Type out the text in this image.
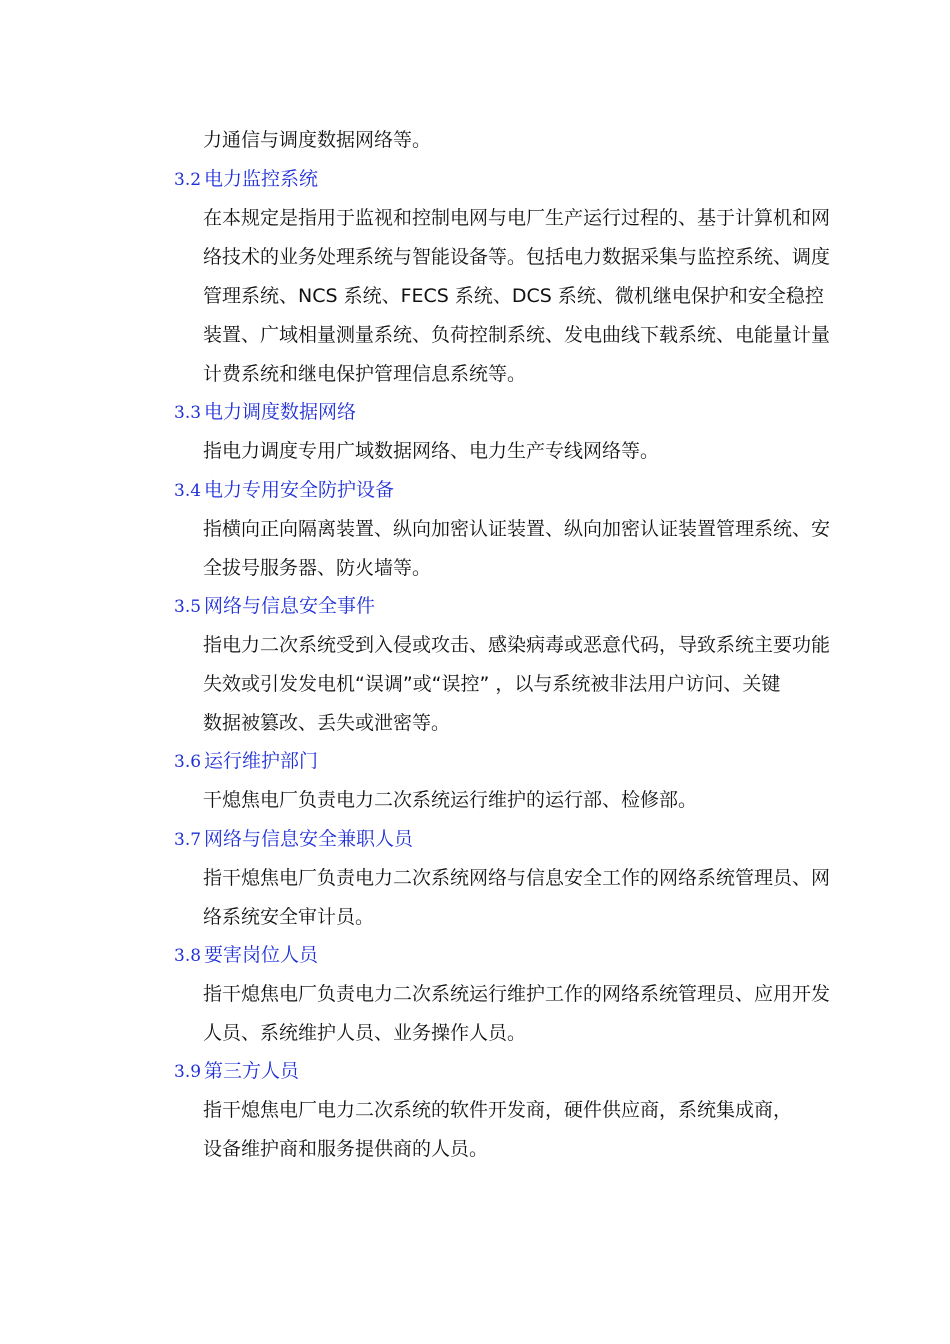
力通信与调度数据网络等。
3.2 电力监控系统
在本规定是指用于监视和控制电网与电厂生产运行过程的、基于计算机和网
络技术的业务处理系统与智能设备等。包括电力数据采集与监控系统、调度
管理系统、NCS 系统、FECS 系统、DCS 系统、微机继电保护和安全稳控
装置、广域相量测量系统、负荷控制系统、发电曲线下载系统、电能量计量
计费系统和继电保护管理信息系统等。
3.3 电力调度数据网络
指电力调度专用广域数据网络、电力生产专线网络等。
3.4 电力专用安全防护设备
指横向正向隔离装置、纵向加密认证装置、纵向加密认证装置管理系统、安
全拔号服务器、防火墙等。
3.5 网络与信息安全事件
指电力二次系统受到入侵或攻击、感染病毒或恶意代码，导致系统主要功能
失效或引发发电机“误调”或“误控” ，以与系统被非法用户访问、关键
数据被篡改、丢失或泄密等。
3.6 运行维护部门
干熄焦电厂负责电力二次系统运行维护的运行部、检修部。
3.7 网络与信息安全兼职人员
指干熄焦电厂负责电力二次系统网络与信息安全工作的网络系统管理员、网
络系统安全审计员。
3.8 要害岗位人员
指干熄焦电厂负责电力二次系统运行维护工作的网络系统管理员、应用开发
人员、系统维护人员、业务操作人员。
3.9 第三方人员
指干熄焦电厂电力二次系统的软件开发商，硬件供应商，系统集成商，
设备维护商和服务提供商的人员。
